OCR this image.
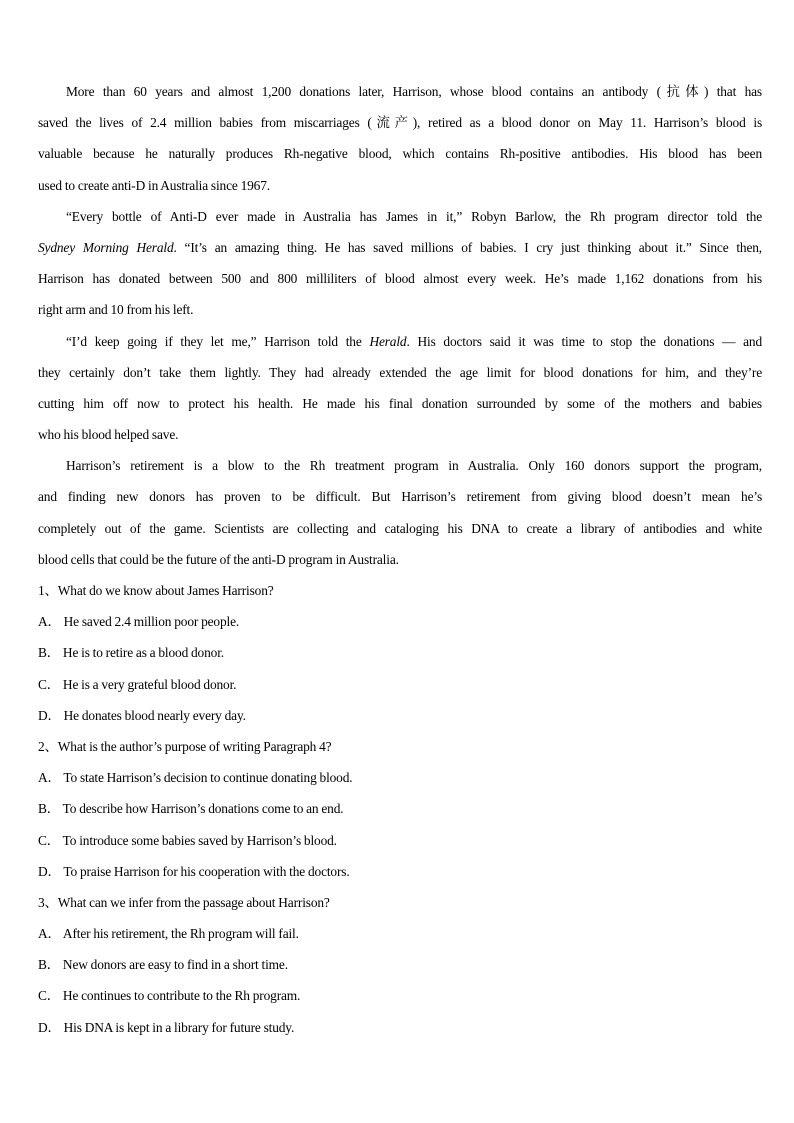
More than 60 years and almost 1,200 donations later, Harrison, whose blood contains an antibody (抗体) that has
saved the lives of 2.4 million babies from miscarriages (流产), retired as a blood donor on May 11. Harrison’s blood is
valuable because he naturally produces Rh-negative blood, which contains Rh-positive antibodies. His blood has been
used to create anti-D in Australia since 1967.
“Every bottle of Anti-D ever made in Australia has James in it,” Robyn Barlow, the Rh program director told the
Sydney Morning Herald. “It’s an amazing thing. He has saved millions of babies. I cry just thinking about it.” Since then,
Harrison has donated between 500 and 800 milliliters of blood almost every week. He’s made 1,162 donations from his
right arm and 10 from his left.
“I’d keep going if they let me,” Harrison told the Herald. His doctors said it was time to stop the donations — and
they certainly don’t take them lightly. They had already extended the age limit for blood donations for him, and they’re
cutting him off now to protect his health. He made his final donation surrounded by some of the mothers and babies
who his blood helped save.
Harrison’s retirement is a blow to the Rh treatment program in Australia. Only 160 donors support the program,
and finding new donors has proven to be difficult. But Harrison’s retirement from giving blood doesn’t mean he’s
completely out of the game. Scientists are collecting and cataloging his DNA to create a library of antibodies and white
blood cells that could be the future of the anti-D program in Australia.
1、What do we know about James Harrison?
A． He saved 2.4 million poor people.
B． He is to retire as a blood donor.
C． He is a very grateful blood donor.
D． He donates blood nearly every day.
2、What is the author’s purpose of writing Paragraph 4?
A． To state Harrison’s decision to continue donating blood.
B． To describe how Harrison’s donations come to an end.
C． To introduce some babies saved by Harrison’s blood.
D． To praise Harrison for his cooperation with the doctors.
3、What can we infer from the passage about Harrison?
A． After his retirement, the Rh program will fail.
B． New donors are easy to find in a short time.
C． He continues to contribute to the Rh program.
D． His DNA is kept in a library for future study.
